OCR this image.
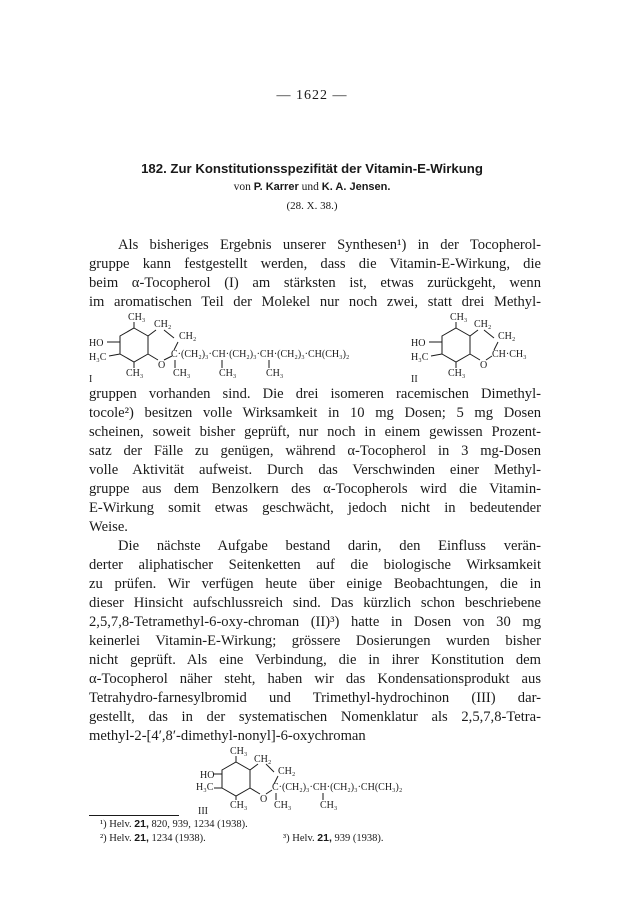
— 1622 —
182. Zur Konstitutionsspezifität der Vitamin-E-Wirkung
von P. Karrer und K. A. Jensen.
(28. X. 38.)
Als bisheriges Ergebnis unserer Synthesen¹) in der Tocopherol-
gruppe kann festgestellt werden, dass die Vitamin-E-Wirkung, die
beim α-Tocopherol (I) am stärksten ist, etwas zurückgeht, wenn
im aromatischen Teil der Molekel nur noch zwei, statt drei Methyl-
CH₃
CH₂
CH₂
HO
H₃C	C·(CH₂)₃·CH·(CH₂)₃·CH·(CH₂)₃·CH(CH₃)₂
O
CH₃	CH₃	CH₃	CH₃
I
CH₃
CH₂
CH₂
HO
H₃C	CH·CH₃
O
CH₃
II
gruppen vorhanden sind. Die drei isomeren racemischen Dimethyl-
tocole²) besitzen volle Wirksamkeit in 10 mg Dosen; 5 mg Dosen
scheinen, soweit bisher geprüft, nur noch in einem gewissen Prozent-
satz der Fälle zu genügen, während α-Tocopherol in 3 mg-Dosen
volle Aktivität aufweist. Durch das Verschwinden einer Methyl-
gruppe aus dem Benzolkern des α-Tocopherols wird die Vitamin-
E-Wirkung somit etwas geschwächt, jedoch nicht in bedeutender
Weise.
Die nächste Aufgabe bestand darin, den Einfluss verän-
derter aliphatischer Seitenketten auf die biologische Wirksamkeit
zu prüfen. Wir verfügen heute über einige Beobachtungen, die in
dieser Hinsicht aufschlussreich sind. Das kürzlich schon beschriebene
2,5,7,8-Tetramethyl-6-oxy-chroman (II)³) hatte in Dosen von 30 mg
keinerlei Vitamin-E-Wirkung; grössere Dosierungen wurden bisher
nicht geprüft. Als eine Verbindung, die in ihrer Konstitution dem
α-Tocopherol näher steht, haben wir das Kondensationsprodukt aus
Tetrahydro-farnesylbromid und Trimethyl-hydrochinon (III) dar-
gestellt, das in der systematischen Nomenklatur als 2,5,7,8-Tetra-
methyl-2-[4′,8′-dimethyl-nonyl]-6-oxychroman
CH₃
CH₂
CH₂
HO
H₃C	C·(CH₂)₃·CH·(CH₂)₃·CH(CH₃)₂
O
CH₃	CH₃	CH₃
III
¹) Helv. 21, 820, 939, 1234 (1938).
²) Helv. 21, 1234 (1938).	³) Helv. 21, 939 (1938).
